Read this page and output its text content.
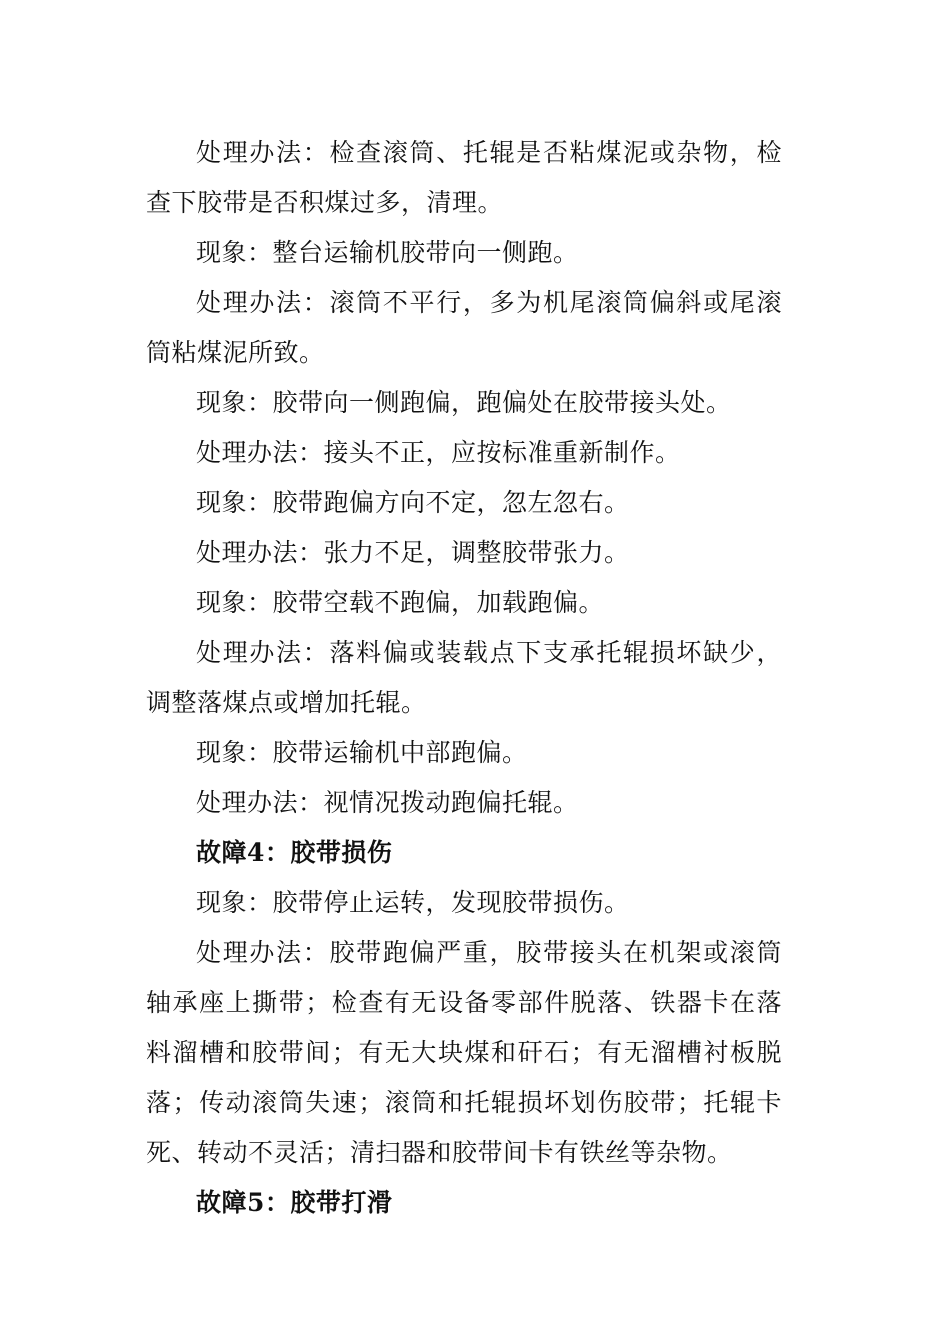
处理办法：检查滚筒、托辊是否粘煤泥或杂物，检查下胶带是否积煤过多，清理。

现象：整台运输机胶带向一侧跑。

处理办法：滚筒不平行，多为机尾滚筒偏斜或尾滚筒粘煤泥所致。

现象：胶带向一侧跑偏，跑偏处在胶带接头处。

处理办法：接头不正，应按标准重新制作。

现象：胶带跑偏方向不定，忽左忽右。

处理办法：张力不足，调整胶带张力。

现象：胶带空载不跑偏，加载跑偏。

处理办法：落料偏或装载点下支承托辊损坏缺少，调整落煤点或增加托辊。

现象：胶带运输机中部跑偏。

处理办法：视情况拨动跑偏托辊。

故障4：胶带损伤

现象：胶带停止运转，发现胶带损伤。

处理办法：胶带跑偏严重，胶带接头在机架或滚筒轴承座上撕带；检查有无设备零部件脱落、铁器卡在落料溜槽和胶带间；有无大块煤和矸石；有无溜槽衬板脱落；传动滚筒失速；滚筒和托辊损坏划伤胶带；托辊卡死、转动不灵活；清扫器和胶带间卡有铁丝等杂物。

故障5：胶带打滑
